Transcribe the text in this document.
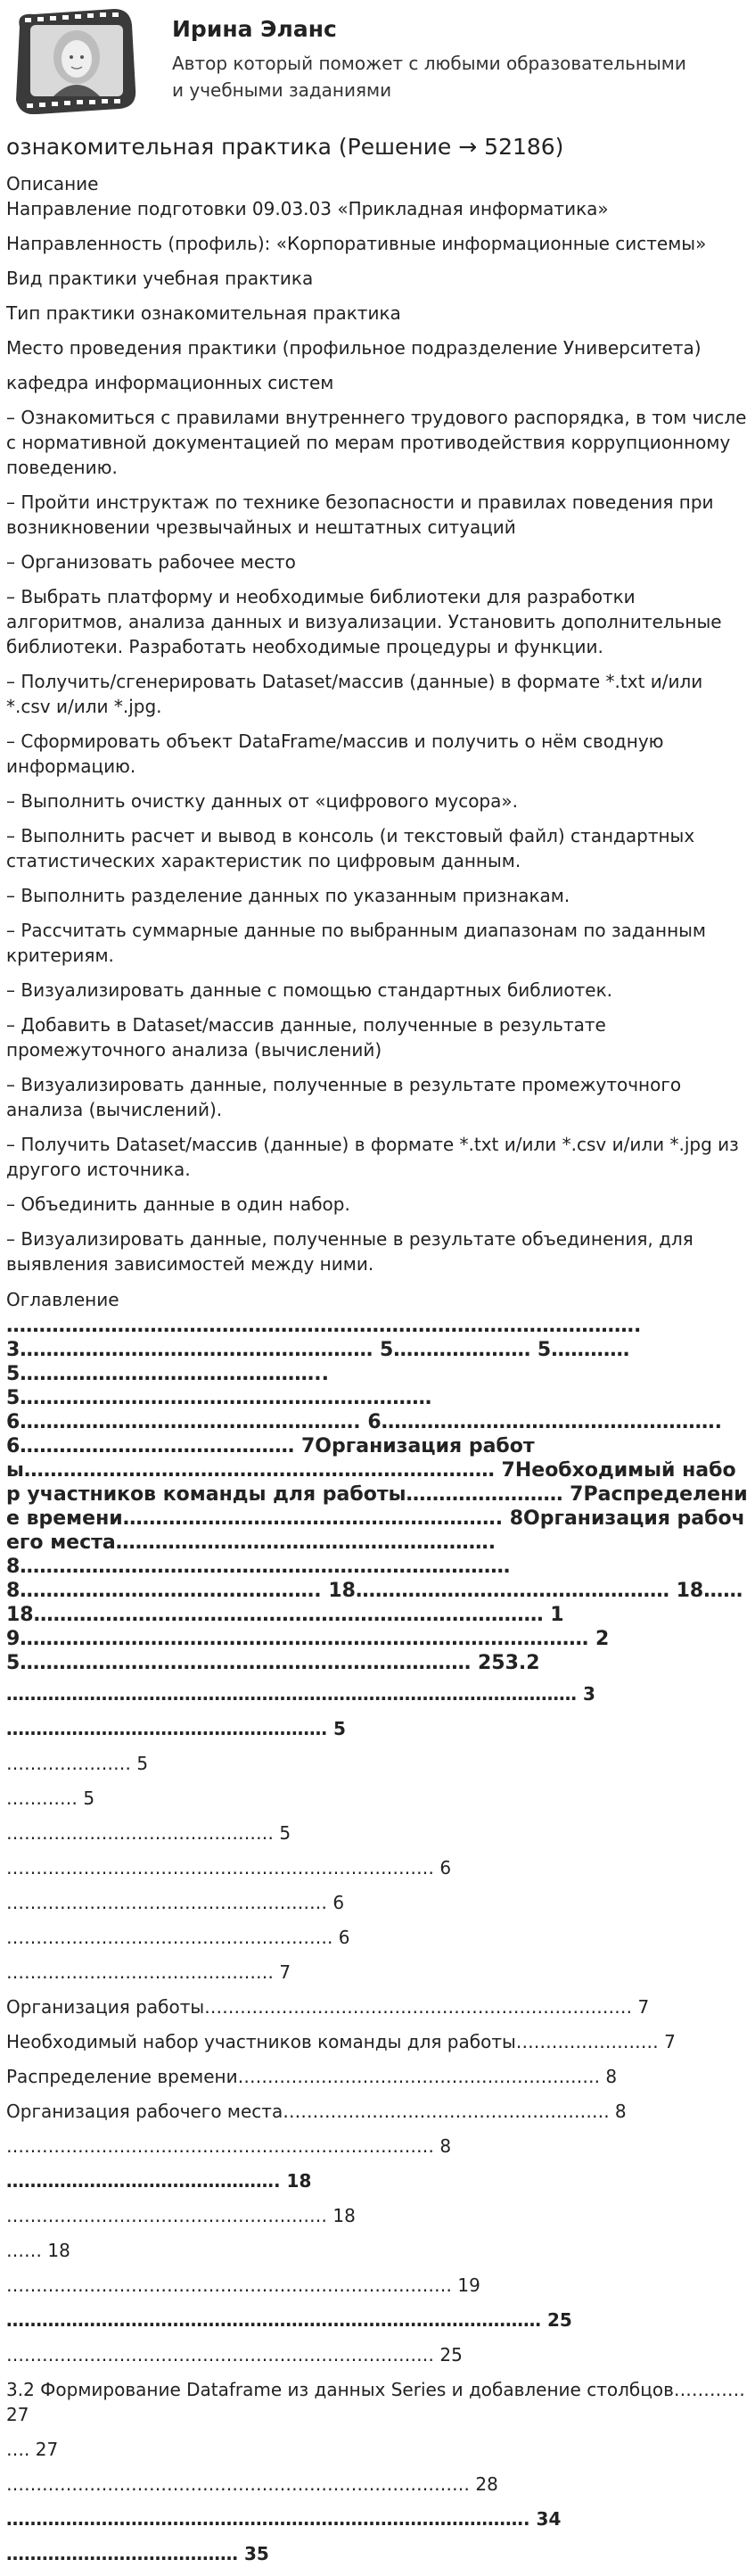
Ирина Эланс
Автор который поможет с любыми образовательными и учебными заданиями
ознакомительная практика (Решение → 52186)
Описание
Направление подготовки 09.03.03 «Прикладная информатика»
Направленность (профиль): «Корпоративные информационные системы»
Вид практики учебная практика
Тип практики ознакомительная практика
Место проведения практики (профильное подразделение Университета)
кафедра информационных систем
– Ознакомиться с правилами внутреннего трудового распорядка, в том числе с нормативной документацией по мерам противодействия коррупционному поведению.
– Пройти инструктаж по технике безопасности и правилах поведения при возникновении чрезвычайных и нештатных ситуаций
– Организовать рабочее место
– Выбрать платформу и необходимые библиотеки для разработки алгоритмов, анализа данных и визуализации. Установить дополнительные библиотеки. Разработать необходимые процедуры и функции.
– Получить/сгенерировать Dataset/массив (данные) в формате *.txt и/или *.csv и/или *.jpg.
– Сформировать объект DataFrame/массив и получить о нём сводную информацию.
– Выполнить очистку данных от «цифрового мусора».
– Выполнить расчет и вывод в консоль (и текстовый файл) стандартных статистических характеристик по цифровым данным.
– Выполнить разделение данных по указанным признакам.
– Рассчитать суммарные данные по выбранным диапазонам по заданным критериям.
– Визуализировать данные с помощью стандартных библиотек.
– Добавить в Dataset/массив данные, полученные в результате промежуточного анализа (вычислений)
– Визуализировать данные, полученные в результате промежуточного анализа (вычислений).
– Получить Dataset/массив (данные) в формате *.txt и/или *.csv и/или *.jpg из другого источника.
– Объединить данные в один набор.
– Визуализировать данные, полученные в результате объединения, для выявления зависимостей между ними.
Оглавление
……………………………………………………………………………………. 3……………………………………………… 5………………… 5………… 5……………………………………….. 5……………………………………………………… 6……………………………………………. 6……………………………………………. 6…………………………………… 7Организация работы……………………………………………………………… 7Необходимый набор участников команды для работы…………………… 7Распределение времени…………………………………………………. 8Организация рабочего места…………………………………………………. 8………………………………………………………………… 8………………………………………. 18………………………………………… 18…… 18…………………………………………………………………… 19…………………………………………………………………………… 25…………………………………………………………… 253.2
…………………………………………………………………………………… 3
……………………………………………… 5
………………… 5
………… 5
……………………………………… 5
……………………………………………………………… 6
……………………………………………… 6
………………………………………………. 6
……………………………………… 7
Организация работы……………………………………………………………… 7
Необходимый набор участников команды для работы…………………… 7
Распределение времени……………………………………………………. 8
Организация рабочего места………………………………………………. 8
……………………………………………………………… 8
………………………………………. 18
……………………………………………… 18
…… 18
………………………………………………………………… 19
……………………………………………………………………………… 25
……………………………………………………………… 25
3.2 Формирование Dataframe из данных Series и добавление столбцов………… 27
…. 27
…………………………………………………………………… 28
……………………………………………………………………………. 34
………………………………… 35
